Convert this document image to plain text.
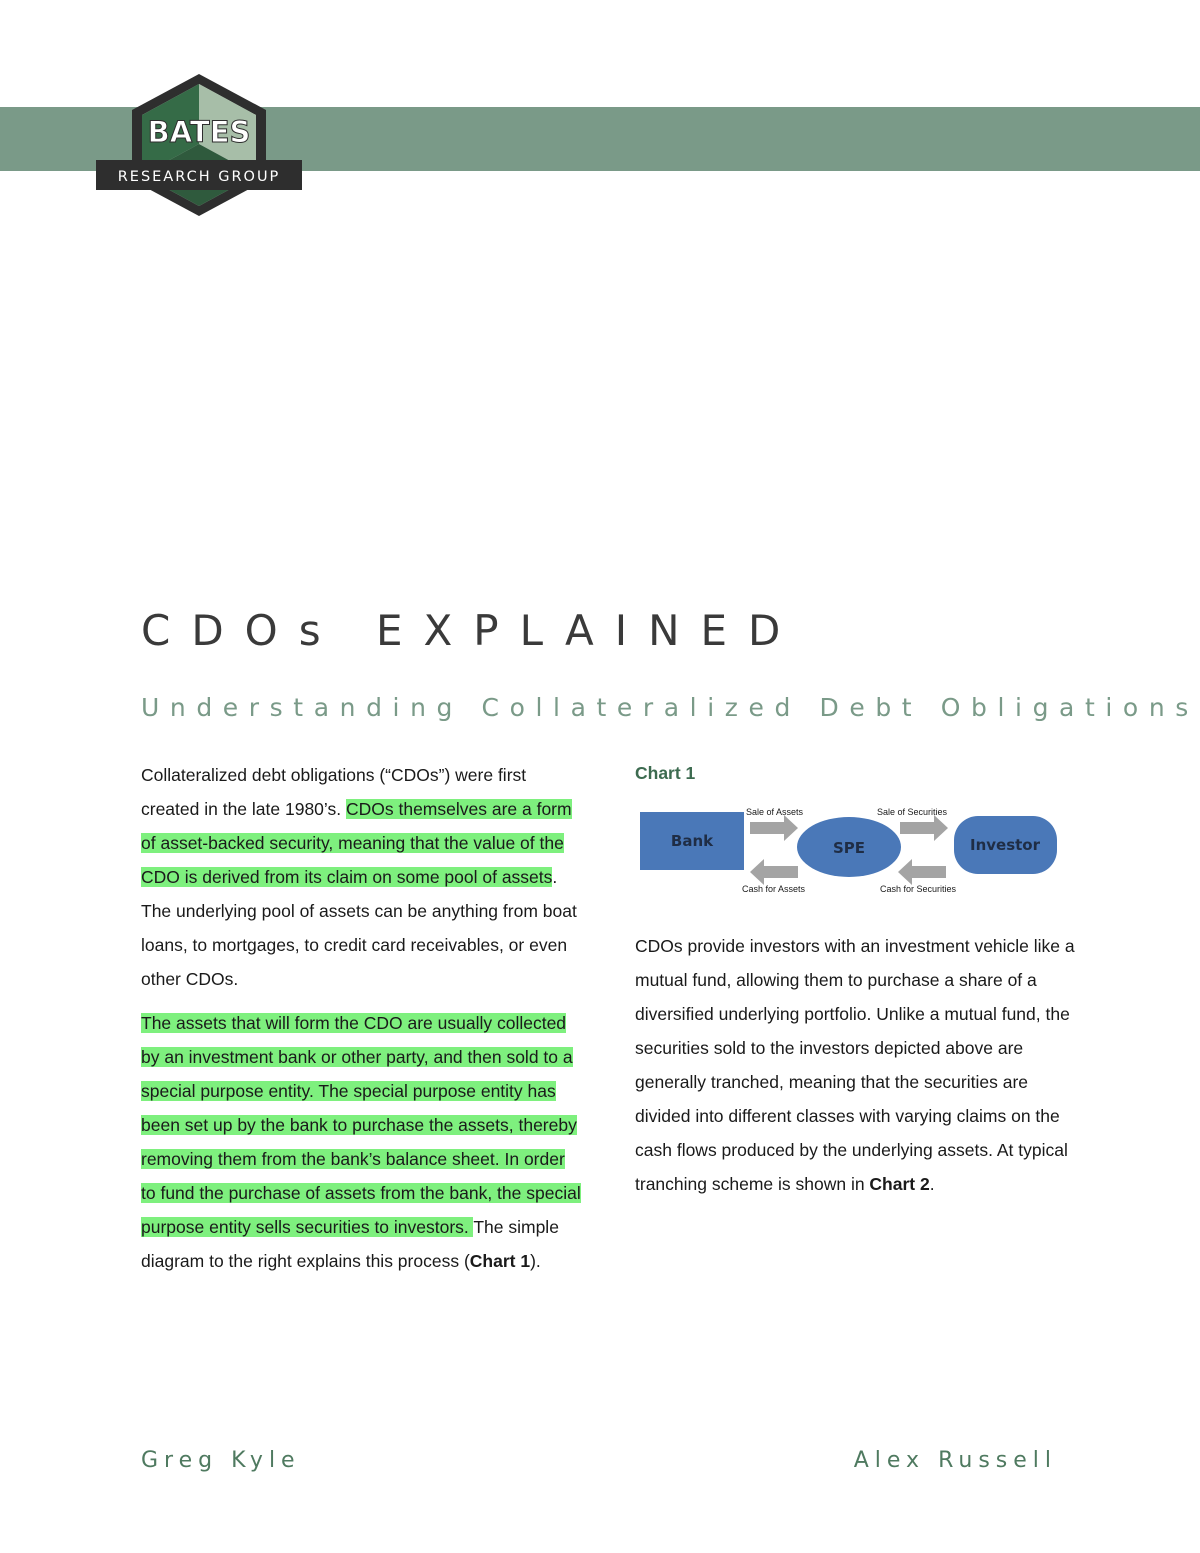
BATES
RESEARCH GROUP
CDOs EXPLAINED
Understanding Collateralized Debt Obligations

Collateralized debt obligations (“CDOs”) were first created in the late 1980’s. CDOs themselves are a form of asset-backed security, meaning that the value of the CDO is derived from its claim on some pool of assets. The underlying pool of assets can be anything from boat loans, to mortgages, to credit card receivables, or even other CDOs.

The assets that will form the CDO are usually collected by an investment bank or other party, and then sold to a special purpose entity. The special purpose entity has been set up by the bank to purchase the assets, thereby removing them from the bank’s balance sheet. In order to fund the purchase of assets from the bank, the special purpose entity sells securities to investors. The simple diagram to the right explains this process (Chart 1).

Chart 1
Bank	SPE	Investor
Sale of Assets	Sale of Securities
Cash for Assets	Cash for Securities

CDOs provide investors with an investment vehicle like a mutual fund, allowing them to purchase a share of a diversified underlying portfolio. Unlike a mutual fund, the securities sold to the investors depicted above are generally tranched, meaning that the securities are divided into different classes with varying claims on the cash flows produced by the underlying assets. At typical tranching scheme is shown in Chart 2.

Greg Kyle	Alex Russell
